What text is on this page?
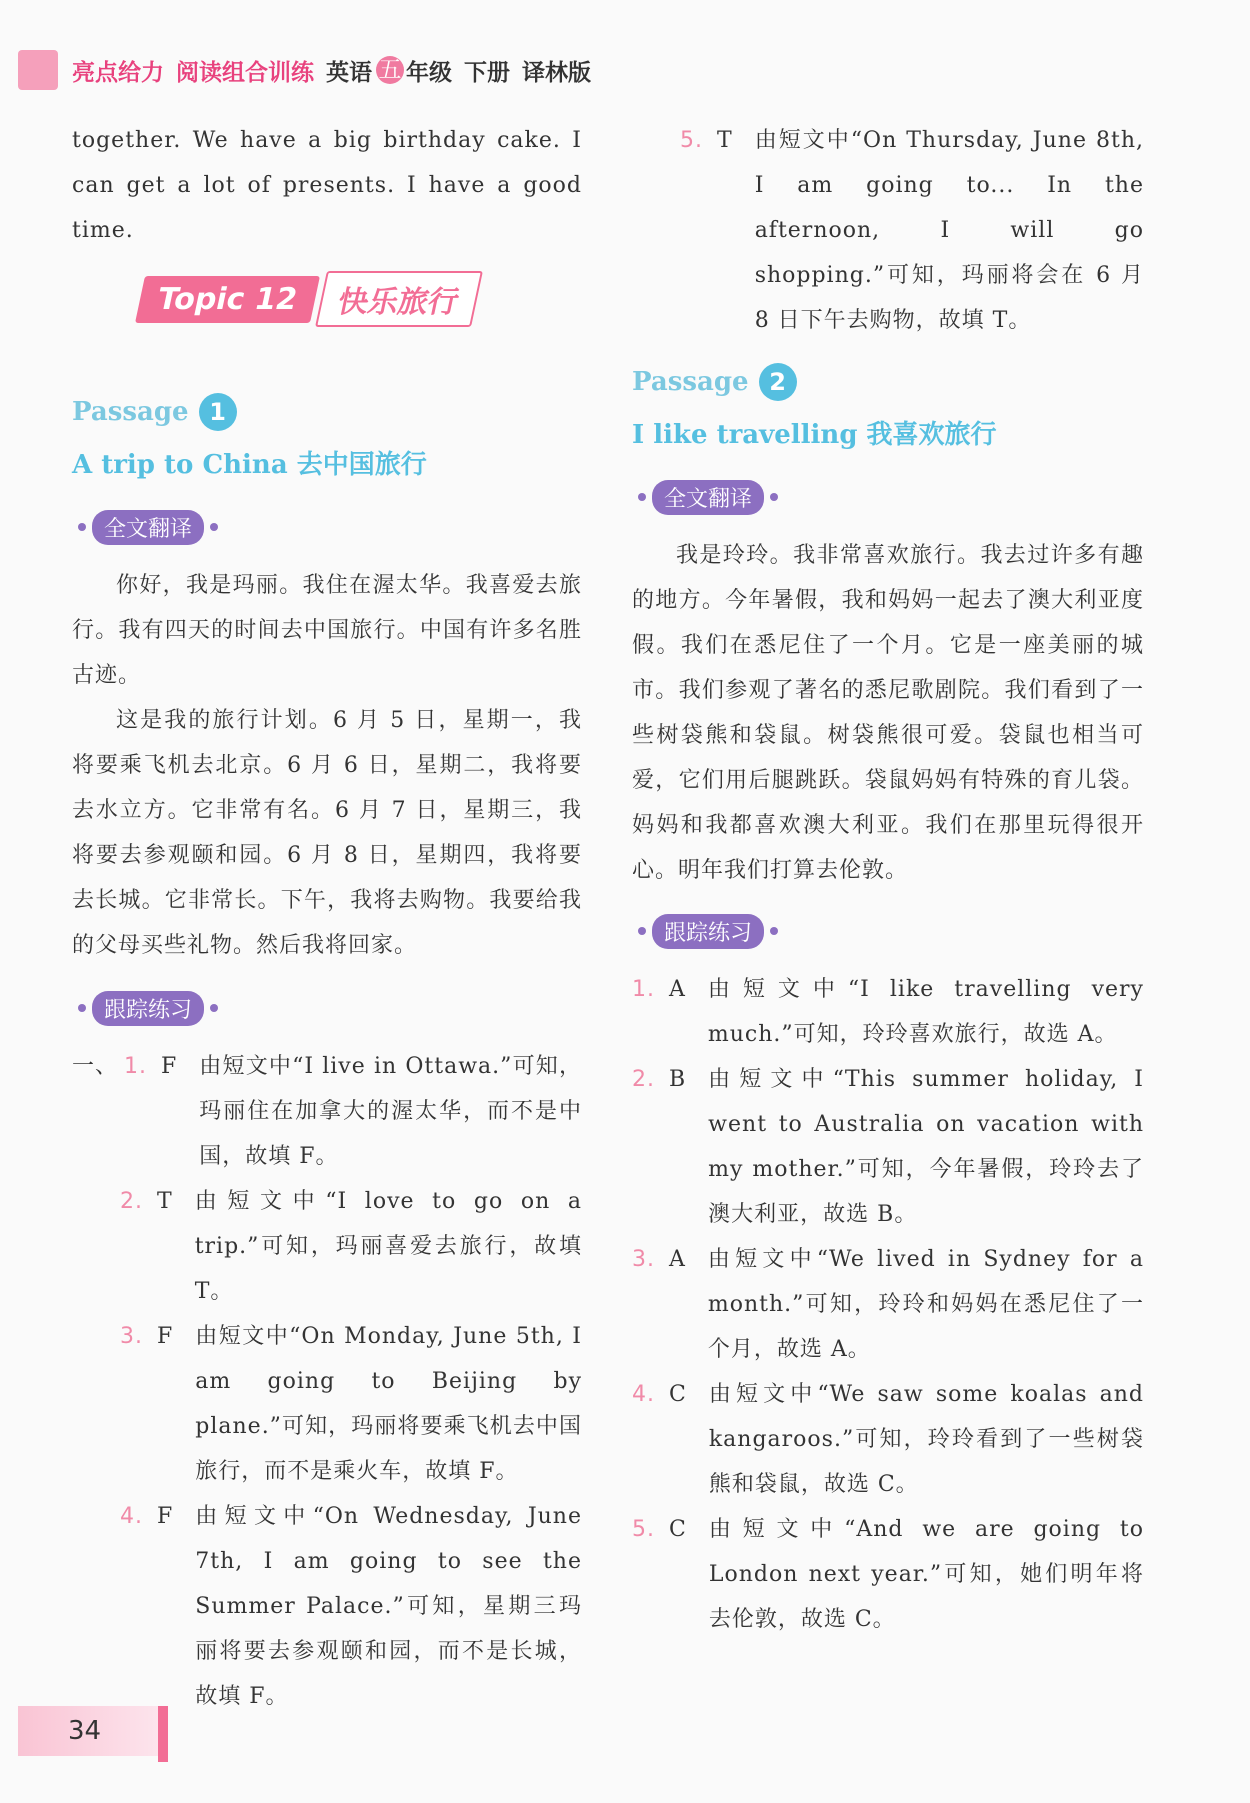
亮点给力 阅读组合训练 英语 五 年级 下册 译林版

together. We have a big birthday cake. I can get a lot of presents. I have a good time.

Topic 12	快乐旅行
Passage 1
A trip to China 去中国旅行
全文翻译

你好，我是玛丽。我住在渥太华。我喜爱去旅行。我有四天的时间去中国旅行。中国有许多名胜古迹。

这是我的旅行计划。6 月 5 日，星期一，我将要乘飞机去北京。6 月 6 日，星期二，我将要去水立方。它非常有名。6 月 7 日，星期三，我将要去参观颐和园。6 月 8 日，星期四，我将要去长城。它非常长。下午，我将去购物。我要给我的父母买些礼物。然后我将回家。

跟踪练习
一、 1. F	由短文中“I live in Ottawa.”可知，玛丽住在加拿大的渥太华，而不是中国，故填 F。
2. T	由短文中“I love to go on a trip.”可知，玛丽喜爱去旅行，故填 T。
3. F	由短文中“On Monday, June 5th, I am going to Beijing by plane.”可知，玛丽将要乘飞机去中国旅行，而不是乘火车，故填 F。
4. F	由短文中“On Wednesday, June 7th, I am going to see the Summer Palace.”可知，星期三玛丽将要去参观颐和园，而不是长城，故填 F。
5. T	由短文中“On Thursday, June 8th, I am going to... In the afternoon, I will go shopping.”可知，玛丽将会在 6 月 8 日下午去购物，故填 T。
Passage 2
I like travelling 我喜欢旅行
全文翻译

我是玲玲。我非常喜欢旅行。我去过许多有趣的地方。今年暑假，我和妈妈一起去了澳大利亚度假。我们在悉尼住了一个月。它是一座美丽的城市。我们参观了著名的悉尼歌剧院。我们看到了一些树袋熊和袋鼠。树袋熊很可爱。袋鼠也相当可爱，它们用后腿跳跃。袋鼠妈妈有特殊的育儿袋。妈妈和我都喜欢澳大利亚。我们在那里玩得很开心。明年我们打算去伦敦。

跟踪练习
1. A	由短文中“I like travelling very much.”可知，玲玲喜欢旅行，故选 A。
2. B	由短文中“This summer holiday, I went to Australia on vacation with my mother.”可知，今年暑假，玲玲去了澳大利亚，故选 B。
3. A	由短文中“We lived in Sydney for a month.”可知，玲玲和妈妈在悉尼住了一个月，故选 A。
4. C	由短文中“We saw some koalas and kangaroos.”可知，玲玲看到了一些树袋熊和袋鼠，故选 C。
5. C	由短文中“And we are going to London next year.”可知，她们明年将去伦敦，故选 C。
34
